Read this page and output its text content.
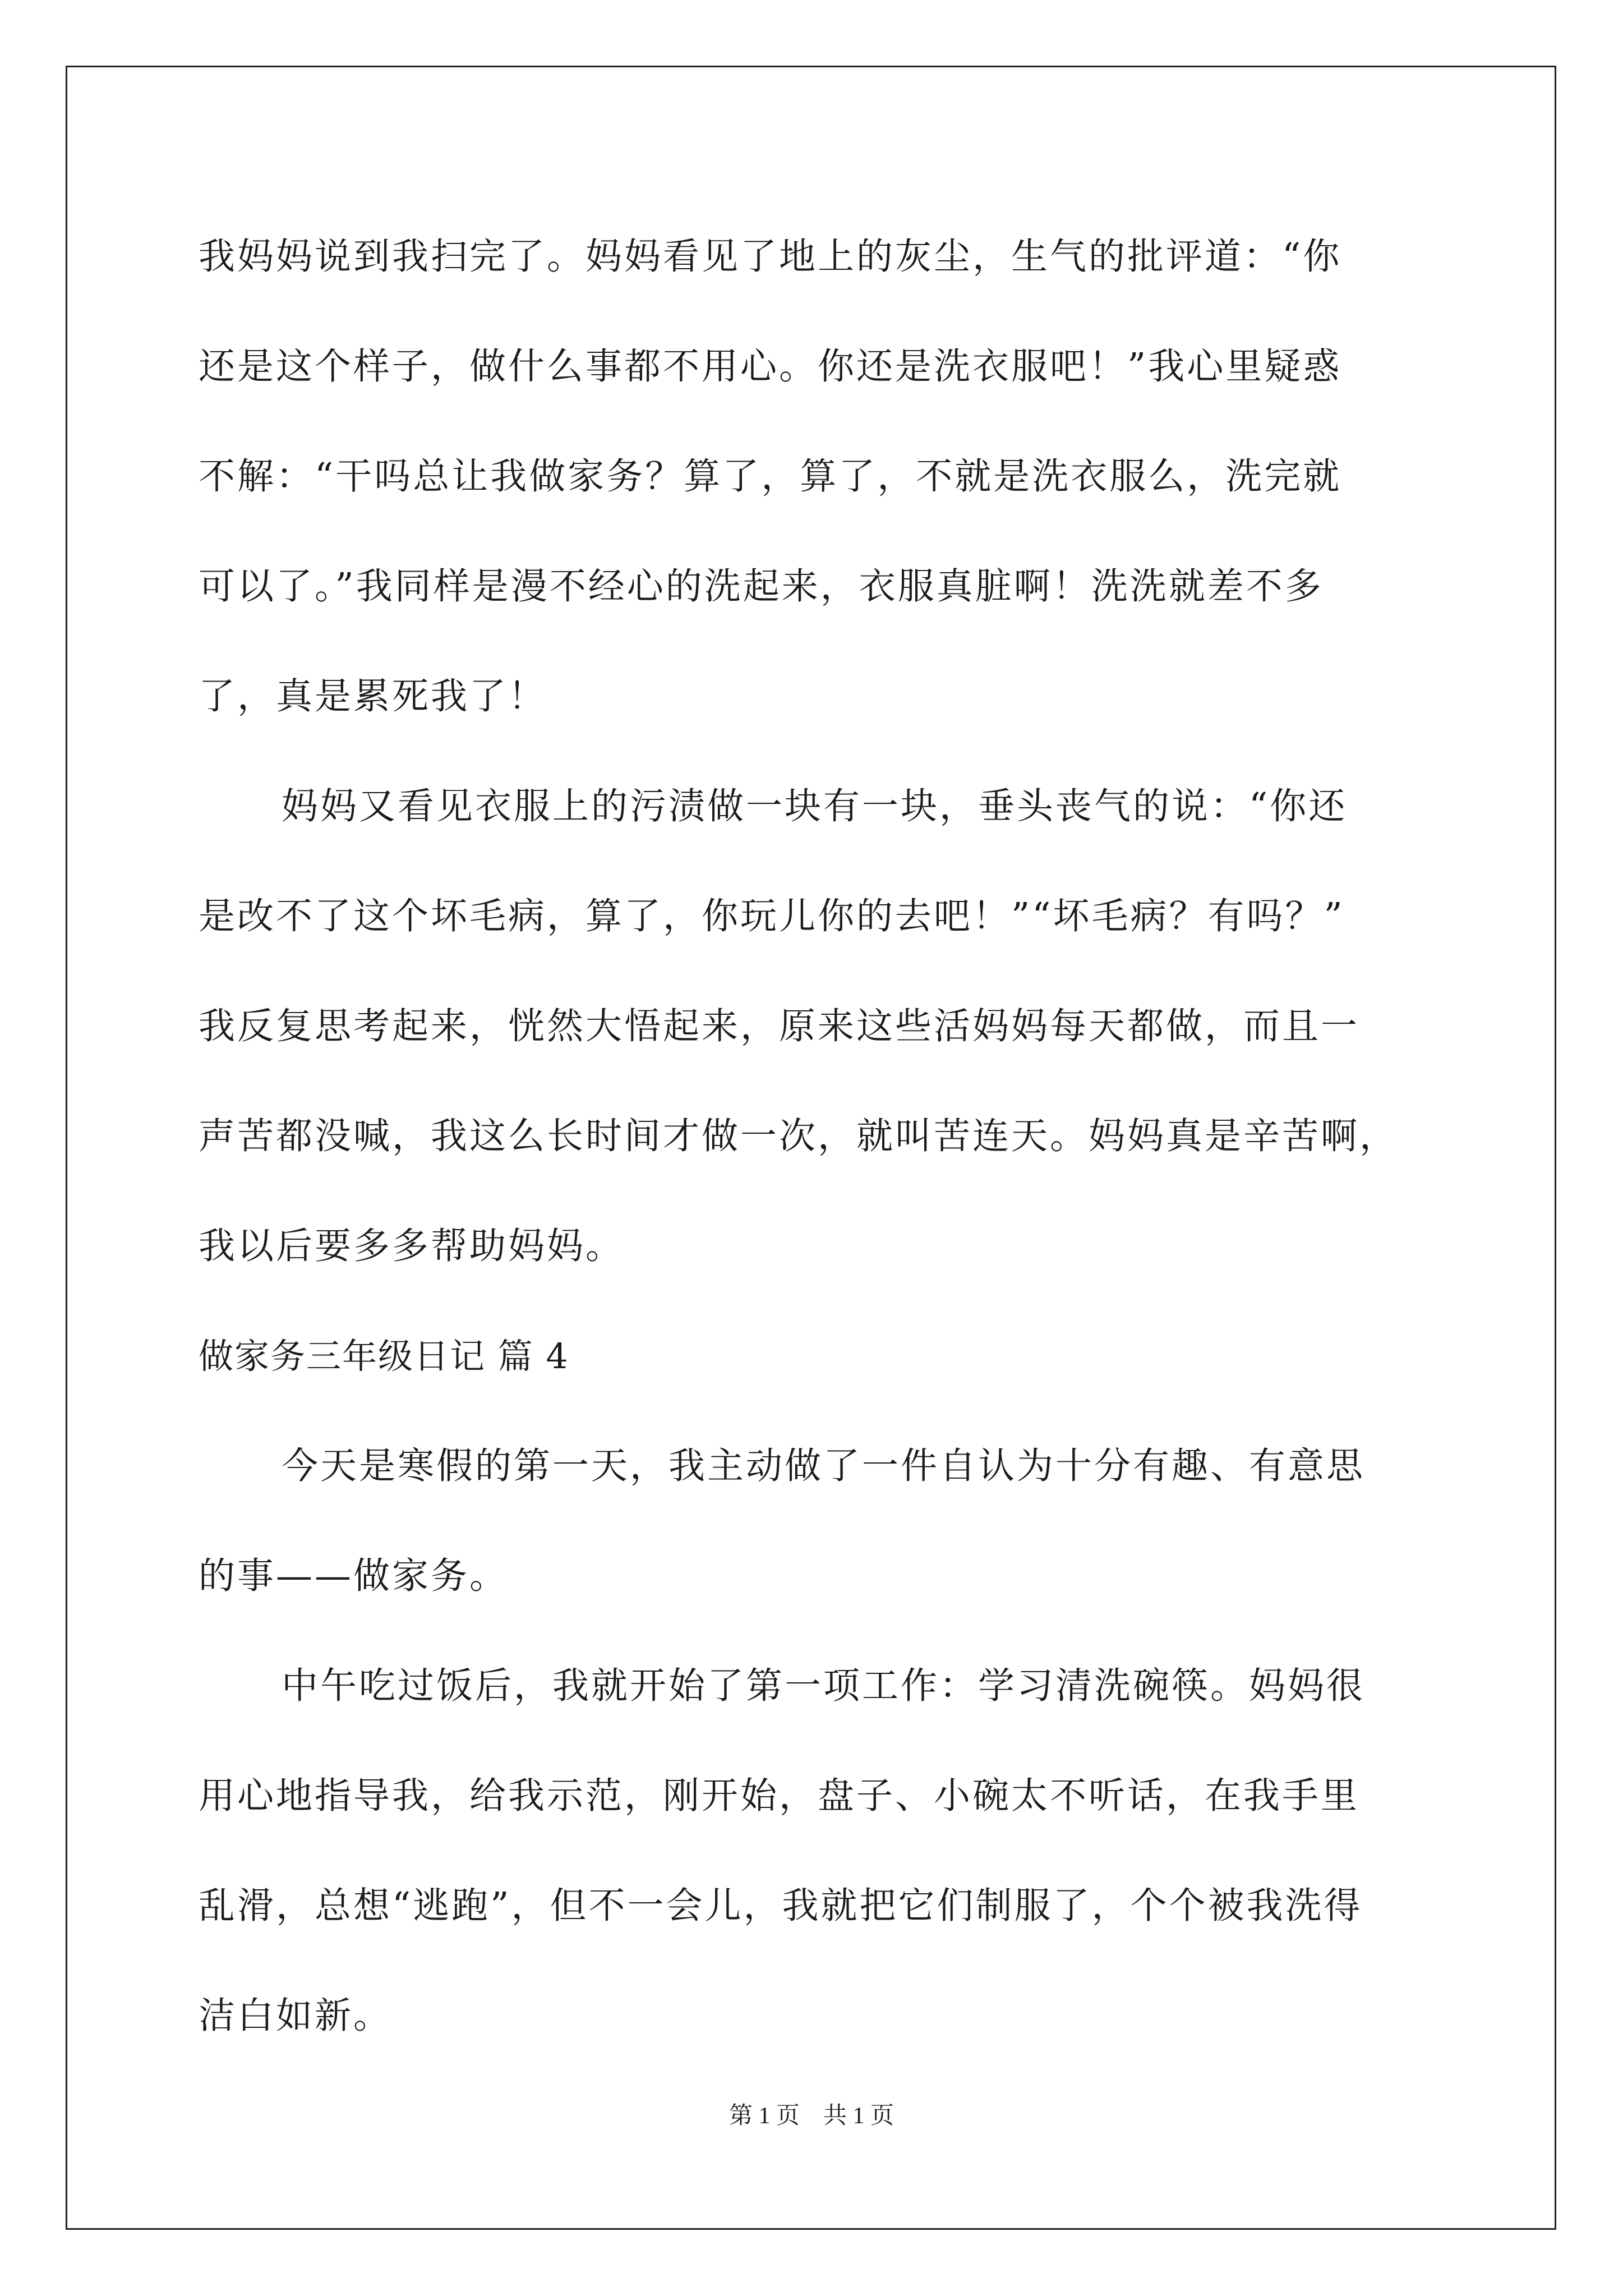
我妈妈说到我扫完了。妈妈看见了地上的灰尘，生气的批评道：“你
还是这个样子，做什么事都不用心。你还是洗衣服吧！”我心里疑惑
不解：“干吗总让我做家务？算了，算了，不就是洗衣服么，洗完就
可以了。”我同样是漫不经心的洗起来，衣服真脏啊！洗洗就差不多
了，真是累死我了！
妈妈又看见衣服上的污渍做一块有一块，垂头丧气的说：“你还
是改不了这个坏毛病，算了，你玩儿你的去吧！”“坏毛病？有吗？”
我反复思考起来，恍然大悟起来，原来这些活妈妈每天都做，而且一
声苦都没喊，我这么长时间才做一次，就叫苦连天。妈妈真是辛苦啊，
我以后要多多帮助妈妈。
做家务三年级日记 篇 4
今天是寒假的第一天，我主动做了一件自认为十分有趣、有意思
的事——做家务。
中午吃过饭后，我就开始了第一项工作：学习清洗碗筷。妈妈很
用心地指导我，给我示范，刚开始，盘子、小碗太不听话，在我手里
乱滑，总想“逃跑”，但不一会儿，我就把它们制服了，个个被我洗得
洁白如新。
第 1 页　共 1 页
